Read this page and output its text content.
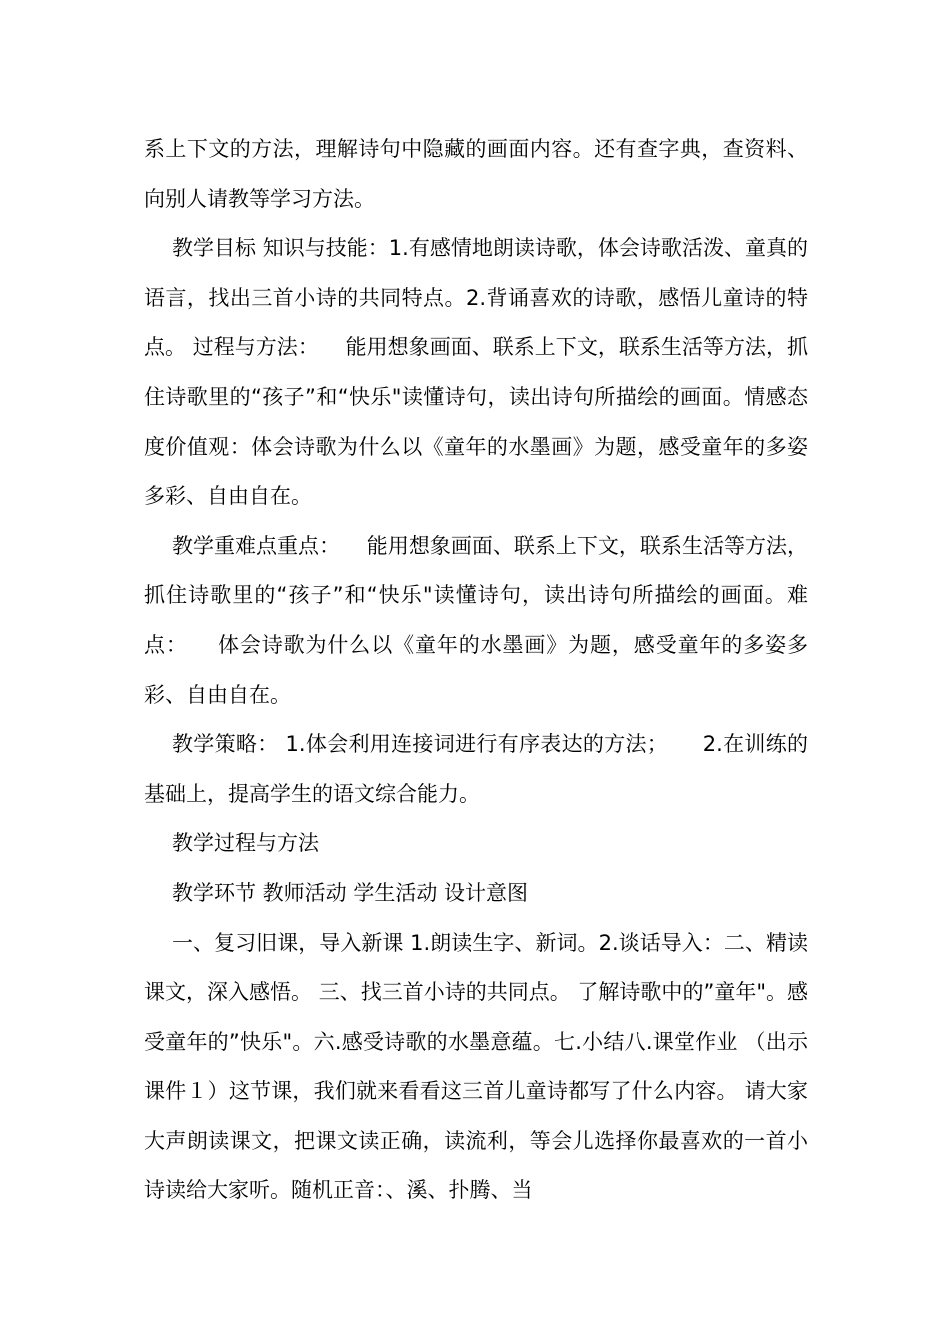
系上下文的方法，理解诗句中隐藏的画面内容。还有查字典，查资料、向别人请教等学习方法。

教学目标 知识与技能：1.有感情地朗读诗歌，体会诗歌活泼、童真的语言，找出三首小诗的共同特点。2.背诵喜欢的诗歌，感悟儿童诗的特点。 过程与方法：    能用想象画面、联系上下文，联系生活等方法，抓住诗歌里的“孩子”和“快乐"读懂诗句，读出诗句所描绘的画面。情感态度价值观：体会诗歌为什么以《童年的水墨画》为题，感受童年的多姿多彩、自由自在。

教学重难点重点：    能用想象画面、联系上下文，联系生活等方法，抓住诗歌里的“孩子”和“快乐"读懂诗句，读出诗句所描绘的画面。难点：    体会诗歌为什么以《童年的水墨画》为题，感受童年的多姿多彩、自由自在。

教学策略： 1.体会利用连接词进行有序表达的方法；     2.在训练的基础上，提高学生的语文综合能力。

教学过程与方法

教学环节 教师活动 学生活动 设计意图

一、复习旧课，导入新课 1.朗读生字、新词。2.谈话导入：二、精读课文，深入感悟。 三、找三首小诗的共同点。 了解诗歌中的”童年"。感受童年的”快乐"。六.感受诗歌的水墨意蕴。七.小结八.课堂作业 （出示课件１）这节课，我们就来看看这三首儿童诗都写了什么内容。 请大家大声朗读课文，把课文读正确，读流利，等会儿选择你最喜欢的一首小诗读给大家听。随机正音：、溪、扑腾、当
